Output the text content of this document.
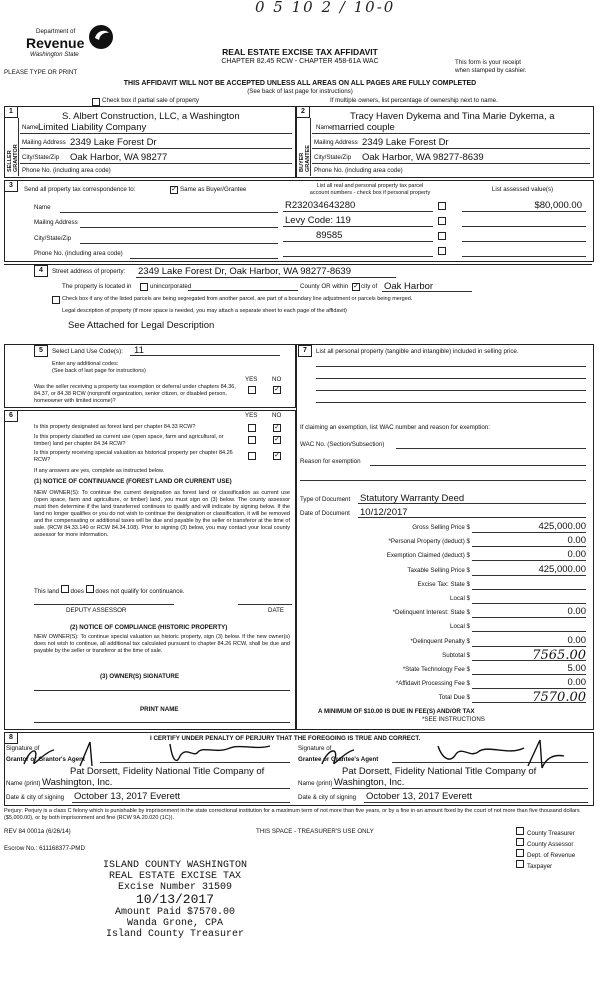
0 5 10 2 / 10-0
Department of
Revenue
Washington State
PLEASE TYPE OR PRINT
REAL ESTATE EXCISE TAX AFFIDAVIT
CHAPTER 82.45 RCW - CHAPTER 458-61A WAC	This form is your receipt
when stamped by cashier.
THIS AFFIDAVIT WILL NOT BE ACCEPTED UNLESS ALL AREAS ON ALL PAGES ARE FULLY COMPLETED
(See back of last page for instructions)
Check box if partial sale of property	If multiple owners, list percentage of ownership next to name.
1	2
SELLER GRANTOR	BUYER GRANTEE
S. Albert Construction, LLC, a Washington
Name Limited Liability Company
Mailing Address 2349 Lake Forest Dr
City/State/Zip Oak Harbor, WA 98277
Phone No. (including area code)
Tracy Haven Dykema and Tina Marie Dykema, a
Name married couple
Mailing Address 2349 Lake Forest Dr
City/State/Zip Oak Harbor, WA 98277-8639
Phone No. (including area code)
3
Send all property tax correspondence to:	✓ Same as Buyer/Grantee
Name
Mailing Address
City/State/Zip
Phone No. (including area code)
List all real and personal property tax parcel
account numbers - check box if personal property	List assessed value(s)
R232034643280	$80,000.00
Levy Code: 119
89585
4	Street address of property: 2349 Lake Forest Dr, Oak Harbor, WA 98277-8639
The property is located in	unincorporated	County OR within ✓ city of Oak Harbor
Check box if any of the listed parcels are being segregated from another parcel, are part of a boundary line adjustment or parcels being merged.
Legal description of property (if more space is needed, you may attach a separate sheet to each page of the affidavit)
See Attached for Legal Description
5	Select Land Use Code(s): 11
Enter any additional codes:
(See back of last page for instructions)
YES NO
Was the seller receiving a property tax exemption or deferral under chapters 84.36, 84.37, or 84.38 RCW (nonprofit organization, senior citizen, or disabled person, homeowner with limited income)?
✓
6	YES NO
Is this property designated as forest land per chapter 84.33 RCW?	✓
Is this property classified as current use (open space, farm and agricultural, or timber) land per chapter 84.34 RCW?
✓
Is this property receiving special valuation as historical property per chapter 84.26 RCW?
✓
If any answers are yes, complete as instructed below.
(1) NOTICE OF CONTINUANCE (FOREST LAND OR CURRENT USE)
NEW OWNER(S): To continue the current designation as forest land or classification as current use (open space, farm and agriculture, or timber) land, you must sign on (3) below. The county assessor must then determine if the land transferred continues to qualify and will indicate by signing below. If the land no longer qualifies or you do not wish to continue the designation or classification, it will be removed and the compensating or additional taxes will be due and payable by the seller or transferor at the time of sale. (RCW 84.33.140 or RCW 84.34.108). Prior to signing (3) below, you may contact your local county assessor for more information.
This land  does  does not qualify for continuance.
DEPUTY ASSESSOR	DATE
(2) NOTICE OF COMPLIANCE (HISTORIC PROPERTY)
NEW OWNER(S): To continue special valuation as historic property, sign (3) below. If the new owner(s) does not wish to continue, all additional tax calculated pursuant to chapter 84.26 RCW, shall be due and payable by the seller or transferor at the time of sale.
(3) OWNER(S) SIGNATURE
PRINT NAME
7	List all personal property (tangible and intangible) included in selling price.
If claiming an exemption, list WAC number and reason for exemption:
WAC No. (Section/Subsection)
Reason for exemption
Type of Document Statutory Warranty Deed
Date of Document 10/12/2017
Gross Selling Price $	425,000.00
*Personal Property (deduct) $	0.00
Exemption Claimed (deduct) $	0.00
Taxable Selling Price $	425,000.00
Excise Tax: State $
Local $
*Delinquent Interest: State $	0.00
Local $
*Delinquent Penalty $	0.00
Subtotal $	7565.00
*State Technology Fee $	5.00
*Affidavit Processing Fee $	0.00
Total Due $	7570.00
A MINIMUM OF $10.00 IS DUE IN FEE(S) AND/OR TAX
*SEE INSTRUCTIONS
8	I CERTIFY UNDER PENALTY OF PERJURY THAT THE FOREGOING IS TRUE AND CORRECT.
Signature of
Grantor or Grantor's Agent
Pat Dorsett, Fidelity National Title Company of
Name (print) Washington, Inc.
Date & city of signing October 13, 2017 Everett
Signature of
Grantee or Grantee's Agent
Pat Dorsett, Fidelity National Title Company of
Name (print) Washington, Inc.
Date & city of signing October 13, 2017 Everett
Perjury: Perjury is a class C felony which is punishable by imprisonment in the state correctional institution for a maximum term of not more than five years, or by a fine in an amount fixed by the court of not more than five thousand dollars ($5,000.00), or by both imprisonment and fine (RCW 9A.20.020 (1C)).
REV 84 0001a (6/26/14)	THIS SPACE - TREASURER'S USE ONLY	County Treasurer
County Assessor
Dept. of Revenue
Taxpayer
Escrow No.: 611168377-PMD
ISLAND COUNTY WASHINGTON
REAL ESTATE EXCISE TAX
Excise Number 31509
10/13/2017
Amount Paid $7570.00
Wanda Grone, CPA
Island County Treasurer
